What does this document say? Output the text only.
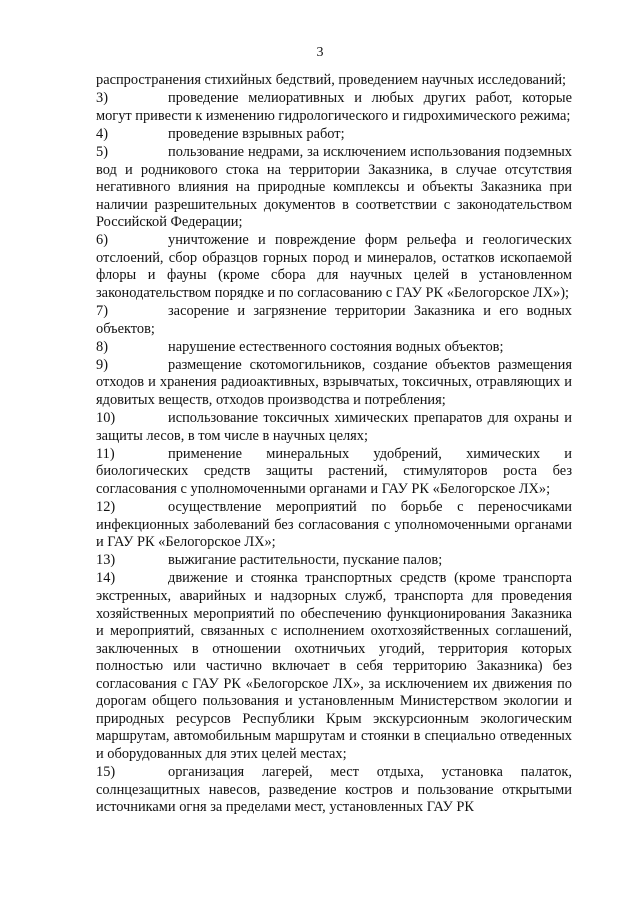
3

распространения стихийных бедствий, проведением научных исследований;

3)	проведение мелиоративных и любых других работ, которые могут привести к изменению гидрологического и гидрохимического режима;

4)	проведение взрывных работ;

5)	пользование недрами, за исключением использования подземных вод и родникового стока на территории Заказника, в случае отсутствия негативного влияния на природные комплексы и объекты Заказника при наличии разрешительных документов в соответствии с законодательством Российской Федерации;

6)	уничтожение и повреждение форм рельефа и геологических отслоений, сбор образцов горных пород и минералов, остатков ископаемой флоры и фауны (кроме сбора для научных целей в установленном законодательством порядке и по согласованию с ГАУ РК «Белогорское ЛХ»);

7)	засорение и загрязнение территории Заказника и его водных объектов;

8)	нарушение естественного состояния водных объектов;

9)	размещение скотомогильников, создание объектов размещения отходов и хранения радиоактивных, взрывчатых, токсичных, отравляющих и ядовитых веществ, отходов производства и потребления;

10)	использование токсичных химических препаратов для охраны и защиты лесов, в том числе в научных целях;

11)	применение минеральных удобрений, химических и биологических средств защиты растений, стимуляторов роста без согласования с уполномоченными органами и ГАУ РК «Белогорское ЛХ»;

12)	осуществление мероприятий по борьбе с переносчиками инфекционных заболеваний без согласования с уполномоченными органами и ГАУ РК «Белогорское ЛХ»;

13)	выжигание растительности, пускание палов;

14)	движение и стоянка транспортных средств (кроме транспорта экстренных, аварийных и надзорных служб, транспорта для проведения хозяйственных мероприятий по обеспечению функционирования Заказника и мероприятий, связанных с исполнением охотхозяйственных соглашений, заключенных в отношении охотничьих угодий, территория которых полностью или частично включает в себя территорию Заказника) без согласования с ГАУ РК «Белогорское ЛХ», за исключением их движения по дорогам общего пользования и установленным Министерством экологии и природных ресурсов Республики Крым экскурсионным экологическим маршрутам, автомобильным маршрутам и стоянки в специально отведенных и оборудованных для этих целей местах;

15)	организация лагерей, мест отдыха, установка палаток, солнцезащитных навесов, разведение костров и пользование открытыми источниками огня за пределами мест, установленных ГАУ РК
